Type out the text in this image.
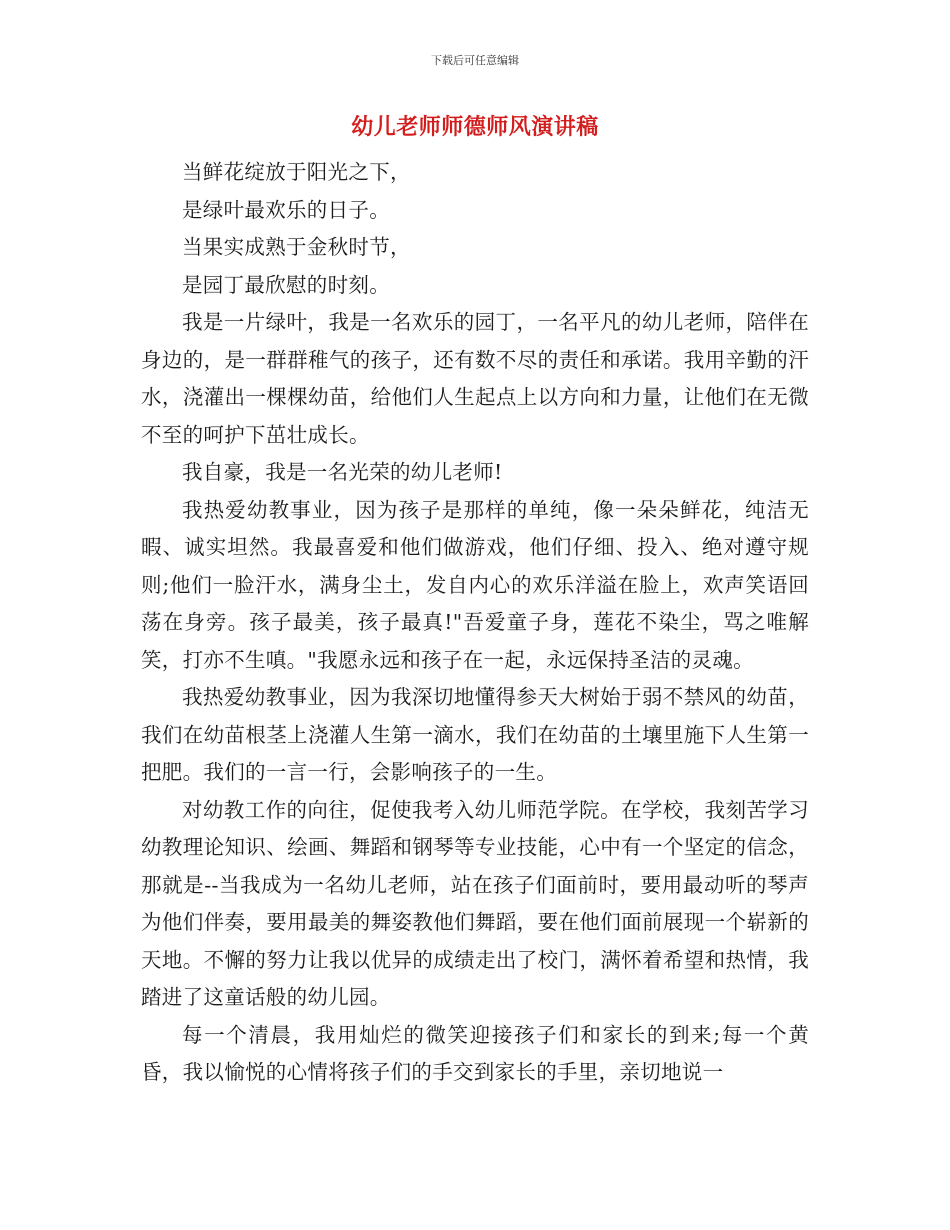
下载后可任意编辑
幼儿老师师德师风演讲稿

当鲜花绽放于阳光之下，

是绿叶最欢乐的日子。

当果实成熟于金秋时节，

是园丁最欣慰的时刻。

我是一片绿叶，我是一名欢乐的园丁，一名平凡的幼儿老师，陪伴在身边的，是一群群稚气的孩子，还有数不尽的责任和承诺。我用辛勤的汗水，浇灌出一棵棵幼苗，给他们人生起点上以方向和力量，让他们在无微不至的呵护下茁壮成长。

我自豪，我是一名光荣的幼儿老师!

我热爱幼教事业，因为孩子是那样的单纯，像一朵朵鲜花，纯洁无暇、诚实坦然。我最喜爱和他们做游戏，他们仔细、投入、绝对遵守规则;他们一脸汗水，满身尘土，发自内心的欢乐洋溢在脸上，欢声笑语回荡在身旁。孩子最美，孩子最真!"吾爱童子身，莲花不染尘，骂之唯解笑，打亦不生嗔。"我愿永远和孩子在一起，永远保持圣洁的灵魂。

我热爱幼教事业，因为我深切地懂得参天大树始于弱不禁风的幼苗，我们在幼苗根茎上浇灌人生第一滴水，我们在幼苗的土壤里施下人生第一把肥。我们的一言一行，会影响孩子的一生。

对幼教工作的向往，促使我考入幼儿师范学院。在学校，我刻苦学习幼教理论知识、绘画、舞蹈和钢琴等专业技能，心中有一个坚定的信念，那就是--当我成为一名幼儿老师，站在孩子们面前时，要用最动听的琴声为他们伴奏，要用最美的舞姿教他们舞蹈，要在他们面前展现一个崭新的天地。不懈的努力让我以优异的成绩走出了校门，满怀着希望和热情，我踏进了这童话般的幼儿园。

每一个清晨，我用灿烂的微笑迎接孩子们和家长的到来;每一个黄昏，我以愉悦的心情将孩子们的手交到家长的手里，亲切地说一
